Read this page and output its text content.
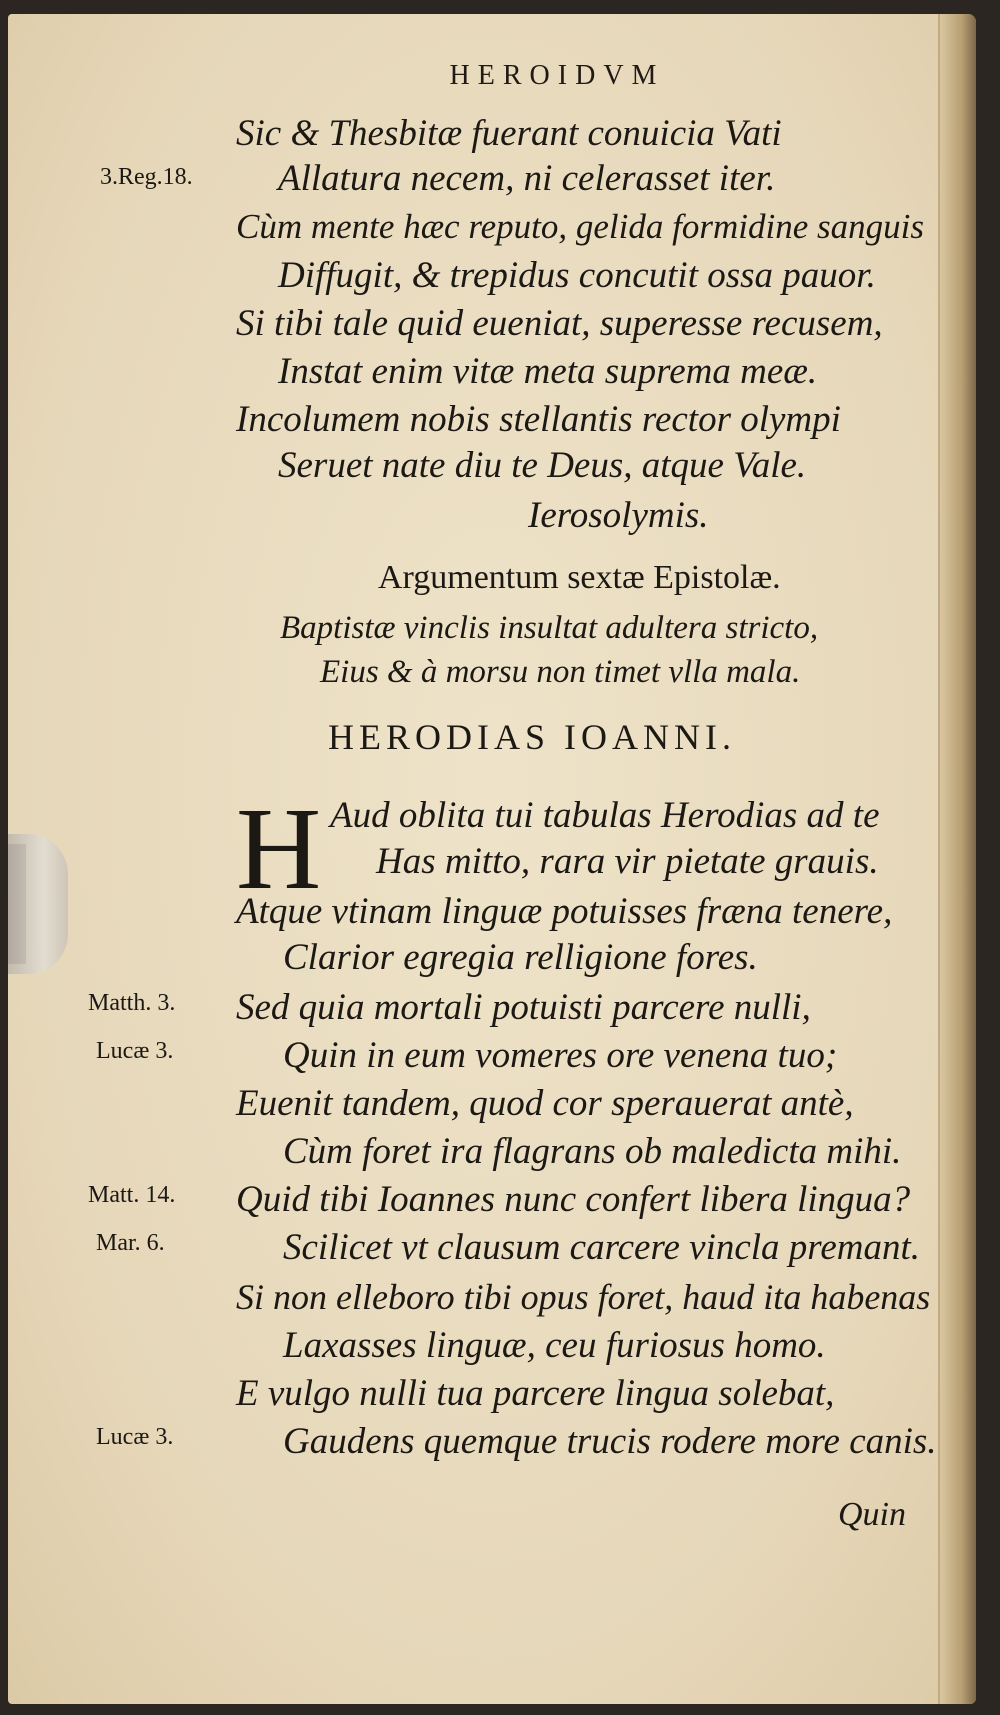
HEROIDVM
3.Reg.18.
Sic & Thesbitæ fuerant conuicia Vati
Allatura necem, ni celerasset iter.
Cùm mente hæc reputo, gelida formidine sanguis
Diffugit, & trepidus concutit ossa pauor.
Si tibi tale quid eueniat, superesse recusem,
Instat enim vitæ meta suprema meæ.
Incolumem nobis stellantis rector olympi
Seruet nate diu te Deus, atque Vale.
Ierosolymis.
Argumentum sextæ Epistolæ.
Baptistæ vinclis insultat adultera stricto,
Eius & à morsu non timet vlla mala.
HERODIAS IOANNI.
H Aud oblita tui tabulas Herodias ad te
Has mitto, rara vir pietate grauis.
Atque vtinam linguæ potuisses fræna tenere,
Clarior egregia relligione fores.
Matth. 3. Sed quia mortali potuisti parcere nulli,
Lucæ 3.	Quin in eum vomeres ore venena tuo;
Euenit tandem, quod cor sperauerat antè,
Cùm foret ira flagrans ob maledicta mihi.
Matt. 14. Quid tibi Ioannes nunc confert libera lingua?
Mar. 6.	Scilicet vt clausum carcere vincla premant.
Si non elleboro tibi opus foret, haud ita habenas
Laxasses linguæ, ceu furiosus homo.
E vulgo nulli tua parcere lingua solebat,
Lucæ 3.	Gaudens quemque trucis rodere more canis.
Quin
